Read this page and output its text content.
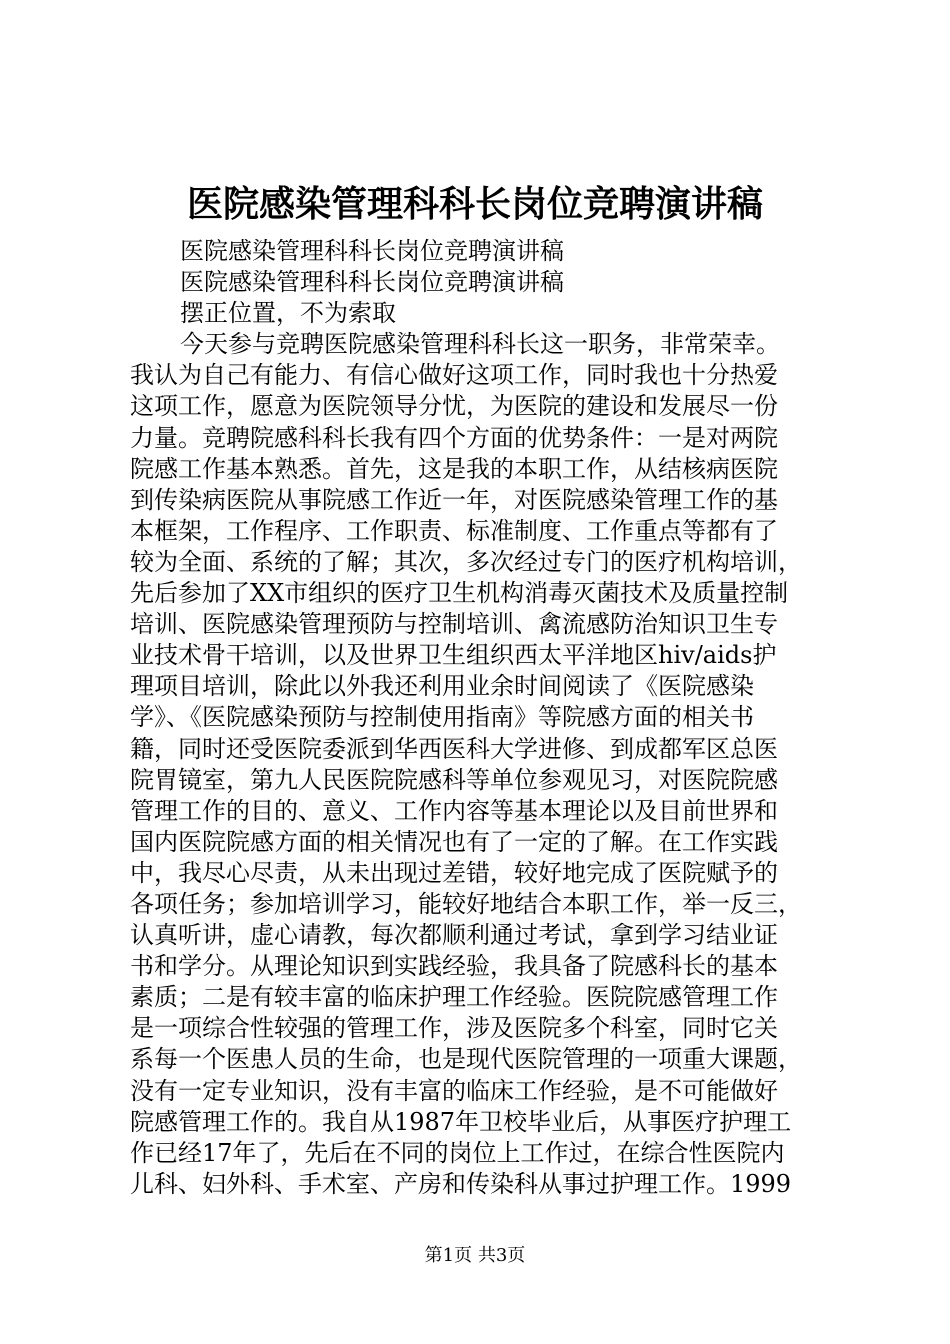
医院感染管理科科长岗位竞聘演讲稿
医院感染管理科科长岗位竞聘演讲稿
医院感染管理科科长岗位竞聘演讲稿
摆正位置，不为索取
今天参与竞聘医院感染管理科科长这一职务，非常荣幸。
我认为自己有能力、有信心做好这项工作，同时我也十分热爱
这项工作，愿意为医院领导分忧，为医院的建设和发展尽一份
力量。竞聘院感科科长我有四个方面的优势条件：一是对两院
院感工作基本熟悉。首先，这是我的本职工作，从结核病医院
到传染病医院从事院感工作近一年，对医院感染管理工作的基
本框架，工作程序、工作职责、标准制度、工作重点等都有了
较为全面、系统的了解；其次，多次经过专门的医疗机构培训，
先后参加了XX市组织的医疗卫生机构消毒灭菌技术及质量控制
培训、医院感染管理预防与控制培训、禽流感防治知识卫生专
业技术骨干培训，以及世界卫生组织西太平洋地区hiv/aids护
理项目培训，除此以外我还利用业余时间阅读了《医院感染
学》、《医院感染预防与控制使用指南》等院感方面的相关书
籍，同时还受医院委派到华西医科大学进修、到成都军区总医
院胃镜室，第九人民医院院感科等单位参观见习，对医院院感
管理工作的目的、意义、工作内容等基本理论以及目前世界和
国内医院院感方面的相关情况也有了一定的了解。在工作实践
中，我尽心尽责，从未出现过差错，较好地完成了医院赋予的
各项任务；参加培训学习，能较好地结合本职工作，举一反三，
认真听讲，虚心请教，每次都顺利通过考试，拿到学习结业证
书和学分。从理论知识到实践经验，我具备了院感科长的基本
素质；二是有较丰富的临床护理工作经验。医院院感管理工作
是一项综合性较强的管理工作，涉及医院多个科室，同时它关
系每一个医患人员的生命，也是现代医院管理的一项重大课题，
没有一定专业知识，没有丰富的临床工作经验，是不可能做好
院感管理工作的。我自从1987年卫校毕业后，从事医疗护理工
作已经17年了，先后在不同的岗位上工作过，在综合性医院内
儿科、妇外科、手术室、产房和传染科从事过护理工作。1999
第1页 共3页
